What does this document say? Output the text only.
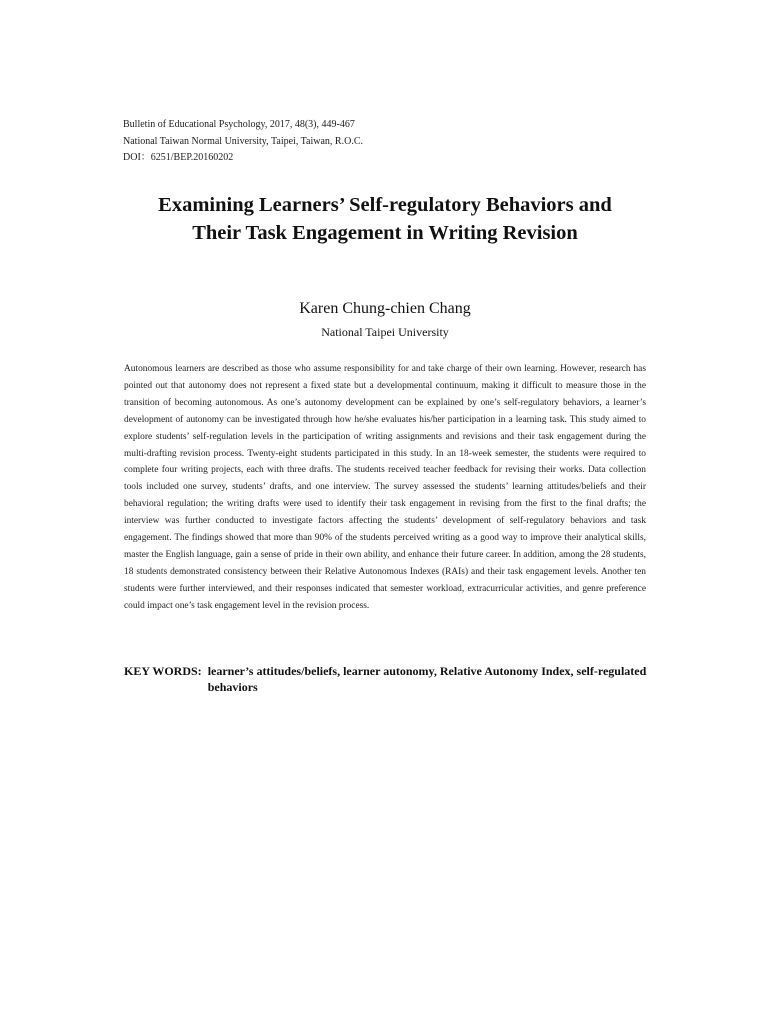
Bulletin of Educational Psychology, 2017, 48(3), 449-467
National Taiwan Normal University, Taipei, Taiwan, R.O.C.
DOI：6251/BEP.20160202
Examining Learners’ Self-regulatory Behaviors and
Their Task Engagement in Writing Revision
Karen Chung-chien Chang
National Taipei University
Autonomous learners are described as those who assume responsibility for and take charge of their own learning. However, research has pointed out that autonomy does not represent a fixed state but a developmental continuum, making it difficult to measure those in the transition of becoming autonomous. As one’s autonomy development can be explained by one’s self-regulatory behaviors, a learner’s development of autonomy can be investigated through how he/she evaluates his/her participation in a learning task. This study aimed to explore students’ self-regulation levels in the participation of writing assignments and revisions and their task engagement during the multi-drafting revision process. Twenty-eight students participated in this study. In an 18-week semester, the students were required to complete four writing projects, each with three drafts. The students received teacher feedback for revising their works. Data collection tools included one survey, students’ drafts, and one interview. The survey assessed the students’ learning attitudes/beliefs and their behavioral regulation; the writing drafts were used to identify their task engagement in revising from the first to the final drafts; the interview was further conducted to investigate factors affecting the students’ development of self-regulatory behaviors and task engagement. The findings showed that more than 90% of the students perceived writing as a good way to improve their analytical skills, master the English language, gain a sense of pride in their own ability, and enhance their future career. In addition, among the 28 students, 18 students demonstrated consistency between their Relative Autonomous Indexes (RAIs) and their task engagement levels. Another ten students were further interviewed, and their responses indicated that semester workload, extracurricular activities, and genre preference could impact one’s task engagement level in the revision process.
KEY WORDS: learner’s attitudes/beliefs, learner autonomy, Relative Autonomy Index, self-regulated behaviors
